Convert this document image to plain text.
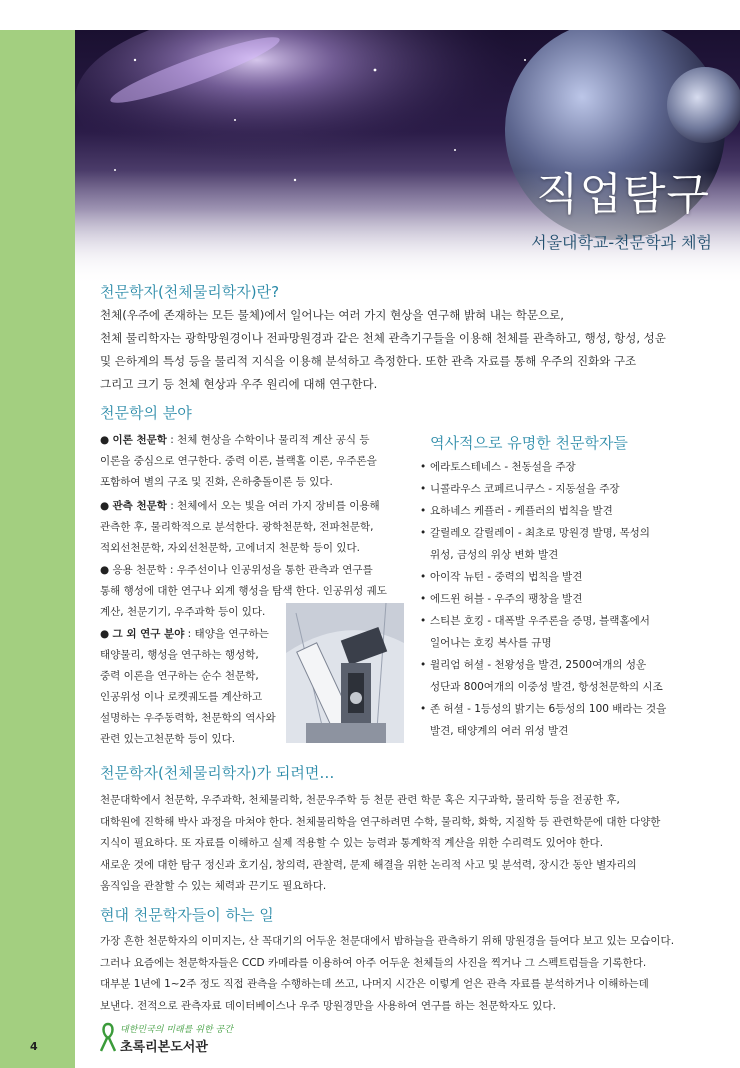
4
직업탐구
서울대학교-천문학과 체험
천문학자(천체물리학자)란?

천체(우주에 존재하는 모든 물체)에서 일어나는 여러 가지 현상을 연구해 밝혀 내는 학문으로,

천체 물리학자는 광학망원경이나 전파망원경과 같은 천체 관측기구들을 이용해 천체를 관측하고, 행성, 항성, 성운

및 은하계의 특성 등을 물리적 지식을 이용해 분석하고 측정한다. 또한 관측 자료를 통해 우주의 진화와 구조

그리고 크기 등 천체 현상과 우주 원리에 대해 연구한다.

천문학의 분야

● 이론 천문학 : 천체 현상을 수학이나 물리적 계산 공식 등

이론을 중심으로 연구한다. 중력 이론, 블랙홀 이론, 우주론을

포함하여 별의 구조 및 진화, 은하충돌이론 등 있다.

● 관측 천문학 : 천체에서 오는 빛을 여러 가지 장비를 이용해

관측한 후, 물리학적으로 분석한다. 광학천문학, 전파천문학,

적외선천문학, 자외선천문학, 고에너지 천문학 등이 있다.

● 응용 천문학 : 우주선이나 인공위성을 통한 관측과 연구를

통해 행성에 대한 연구나 외계 행성을 탐색 한다. 인공위성 궤도

계산, 천문기기, 우주과학 등이 있다.

● 그 외 연구 분야 : 태양을 연구하는

태양물리, 행성을 연구하는 행성학,

중력 이론을 연구하는 순수 천문학,

인공위성 이나 로켓궤도를 계산하고

설명하는 우주동력학, 천문학의 역사와

관련 있는고천문학 등이 있다.

역사적으로 유명한 천문학자들
• 에라토스테네스 - 천동설을 주장
• 니콜라우스 코페르니쿠스 - 지동설을 주장
• 요하네스 케플러 - 케플러의 법칙을 발견
• 갈릴레오 갈릴레이 - 최초로 망원경 발명, 목성의
위성, 금성의 위상 변화 발견
• 아이작 뉴턴 - 중력의 법칙을 발견
• 에드윈 허블 - 우주의 팽창을 발견
• 스티븐 호킹 - 대폭발 우주론을 증명, 블랙홀에서
일어나는 호킹 복사를 규명
• 윌리엄 허셜 - 천왕성을 발견, 2500여개의 성운
성단과 800여개의 이중성 발견, 항성천문학의 시조
• 존 허셜 - 1등성의 밝기는 6등성의 100 배라는 것을
발견, 태양계의 여러 위성 발견
천문학자(천체물리학자)가 되려면…

천문대학에서 천문학, 우주과학, 천체물리학, 천문우주학 등 천문 관련 학문 혹은 지구과학, 물리학 등을 전공한 후,

대학원에 진학해 박사 과정을 마쳐야 한다. 천체물리학을 연구하려면 수학, 물리학, 화학, 지질학 등 관련학문에 대한 다양한

지식이 필요하다. 또 자료를 이해하고 실제 적용할 수 있는 능력과 통계학적 계산을 위한 수리력도 있어야 한다.

새로운 것에 대한 탐구 정신과 호기심, 창의력, 관찰력, 문제 해결을 위한 논리적 사고 및 분석력, 장시간 동안 별자리의

움직임을 관찰할 수 있는 체력과 끈기도 필요하다.

현대 천문학자들이 하는 일

가장 흔한 천문학자의 이미지는, 산 꼭대기의 어두운 천문대에서 밤하늘을 관측하기 위해 망원경을 들여다 보고 있는 모습이다.

그러나 요즘에는 천문학자들은 CCD 카메라를 이용하여 아주 어두운 천체들의 사진을 찍거나 그 스펙트럼들을 기록한다.

대부분 1년에 1~2주 정도 직접 관측을 수행하는데 쓰고, 나머지 시간은 이렇게 얻은 관측 자료를 분석하거나 이해하는데

보낸다. 전적으로 관측자료 데이터베이스나 우주 망원경만을 사용하여 연구를 하는 천문학자도 있다.

대한민국의 미래를 위한 공간
초록리본도서관
